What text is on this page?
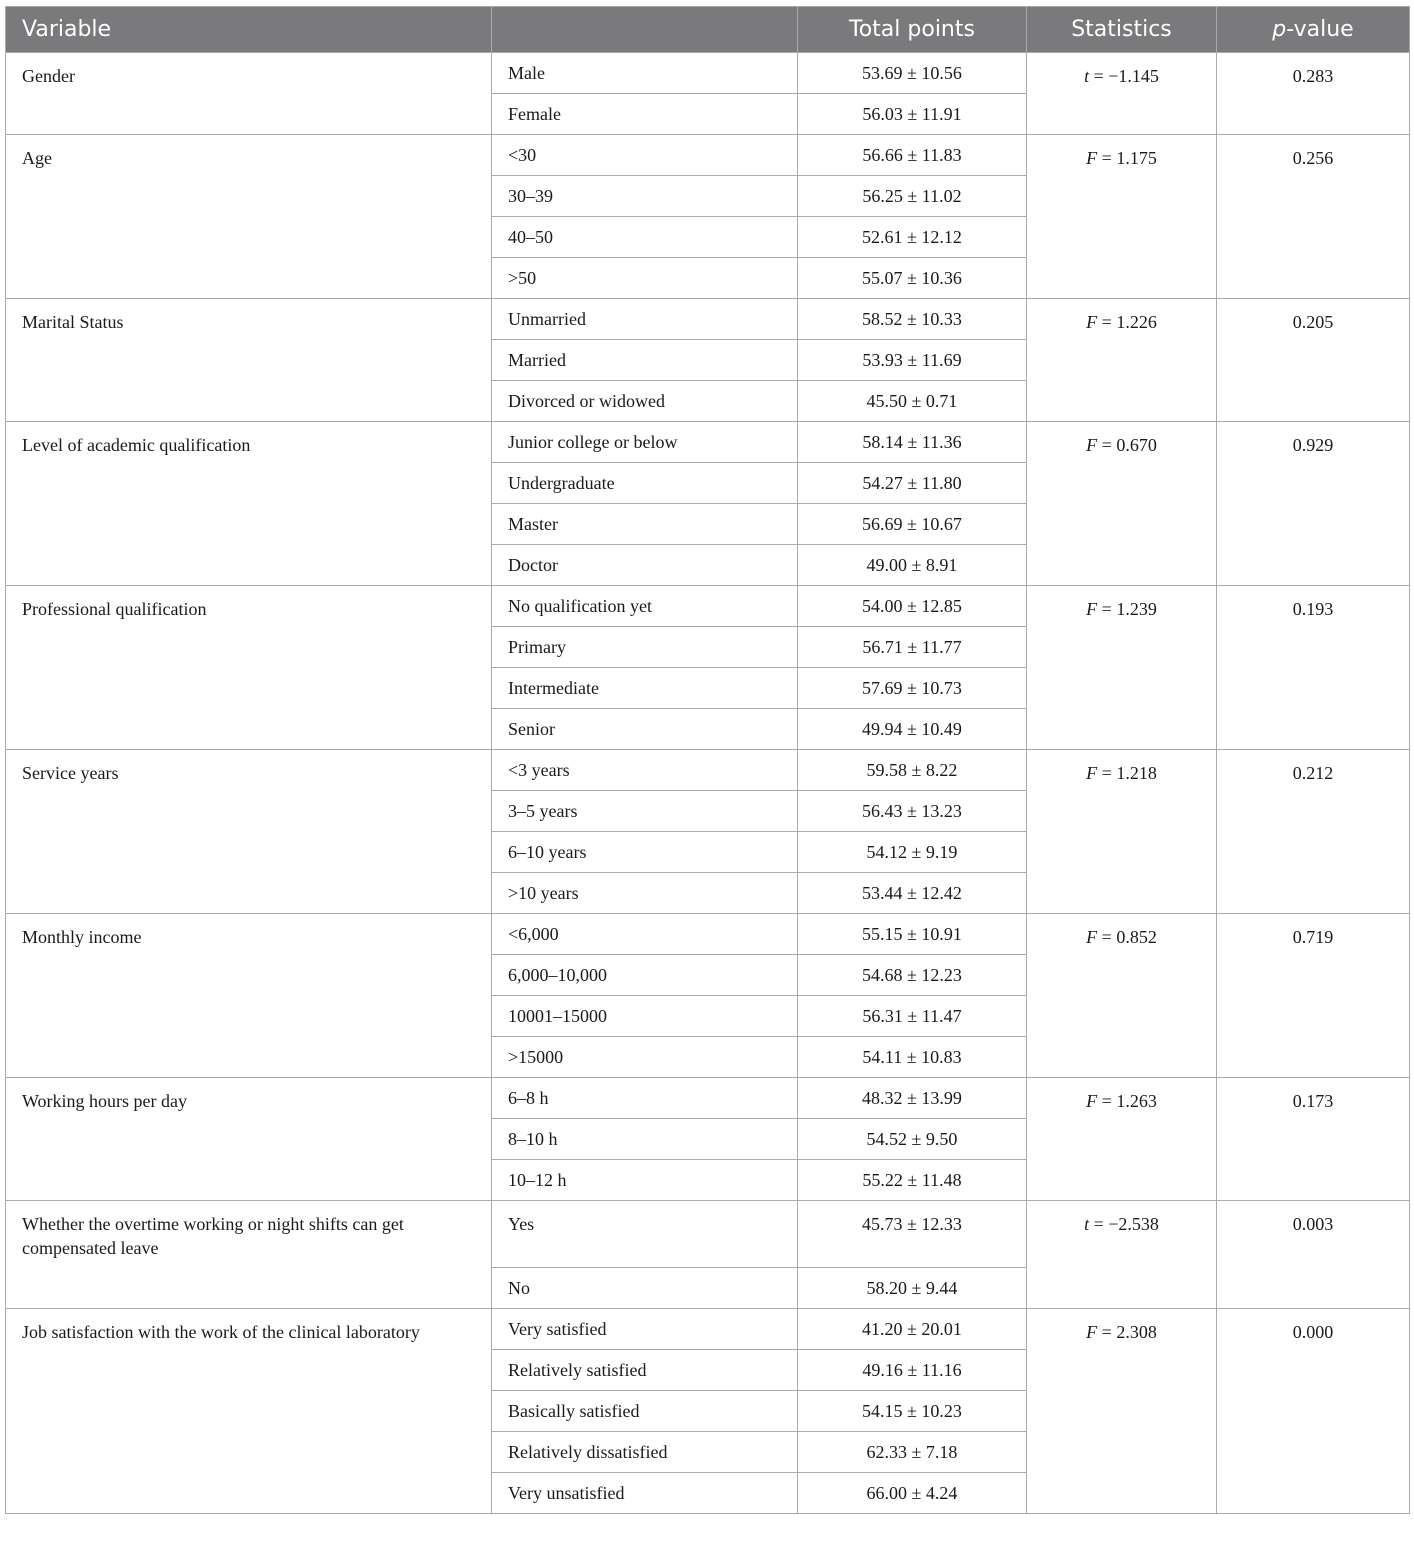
Variable		Total points	Statistics	p-value
Gender	Male	53.69 ± 10.56	t = −1.145	0.283
	Female	56.03 ± 11.91		
Age	<30	56.66 ± 11.83	F = 1.175	0.256
	30–39	56.25 ± 11.02		
	40–50	52.61 ± 12.12		
	>50	55.07 ± 10.36		
Marital Status	Unmarried	58.52 ± 10.33	F = 1.226	0.205
	Married	53.93 ± 11.69		
	Divorced or widowed	45.50 ± 0.71		
Level of academic qualification	Junior college or below	58.14 ± 11.36	F = 0.670	0.929
	Undergraduate	54.27 ± 11.80		
	Master	56.69 ± 10.67		
	Doctor	49.00 ± 8.91		
Professional qualification	No qualification yet	54.00 ± 12.85	F = 1.239	0.193
	Primary	56.71 ± 11.77		
	Intermediate	57.69 ± 10.73		
	Senior	49.94 ± 10.49		
Service years	<3 years	59.58 ± 8.22	F = 1.218	0.212
	3–5 years	56.43 ± 13.23		
	6–10 years	54.12 ± 9.19		
	>10 years	53.44 ± 12.42		
Monthly income	<6,000	55.15 ± 10.91	F = 0.852	0.719
	6,000–10,000	54.68 ± 12.23		
	10001–15000	56.31 ± 11.47		
	>15000	54.11 ± 10.83		
Working hours per day	6–8 h	48.32 ± 13.99	F = 1.263	0.173
	8–10 h	54.52 ± 9.50		
	10–12 h	55.22 ± 11.48		
Whether the overtime working or night shifts can get compensated leave	Yes	45.73 ± 12.33	t = −2.538	0.003
	No	58.20 ± 9.44		
Job satisfaction with the work of the clinical laboratory	Very satisfied	41.20 ± 20.01	F = 2.308	0.000
	Relatively satisfied	49.16 ± 11.16		
	Basically satisfied	54.15 ± 10.23		
	Relatively dissatisfied	62.33 ± 7.18		
	Very unsatisfied	66.00 ± 4.24		
